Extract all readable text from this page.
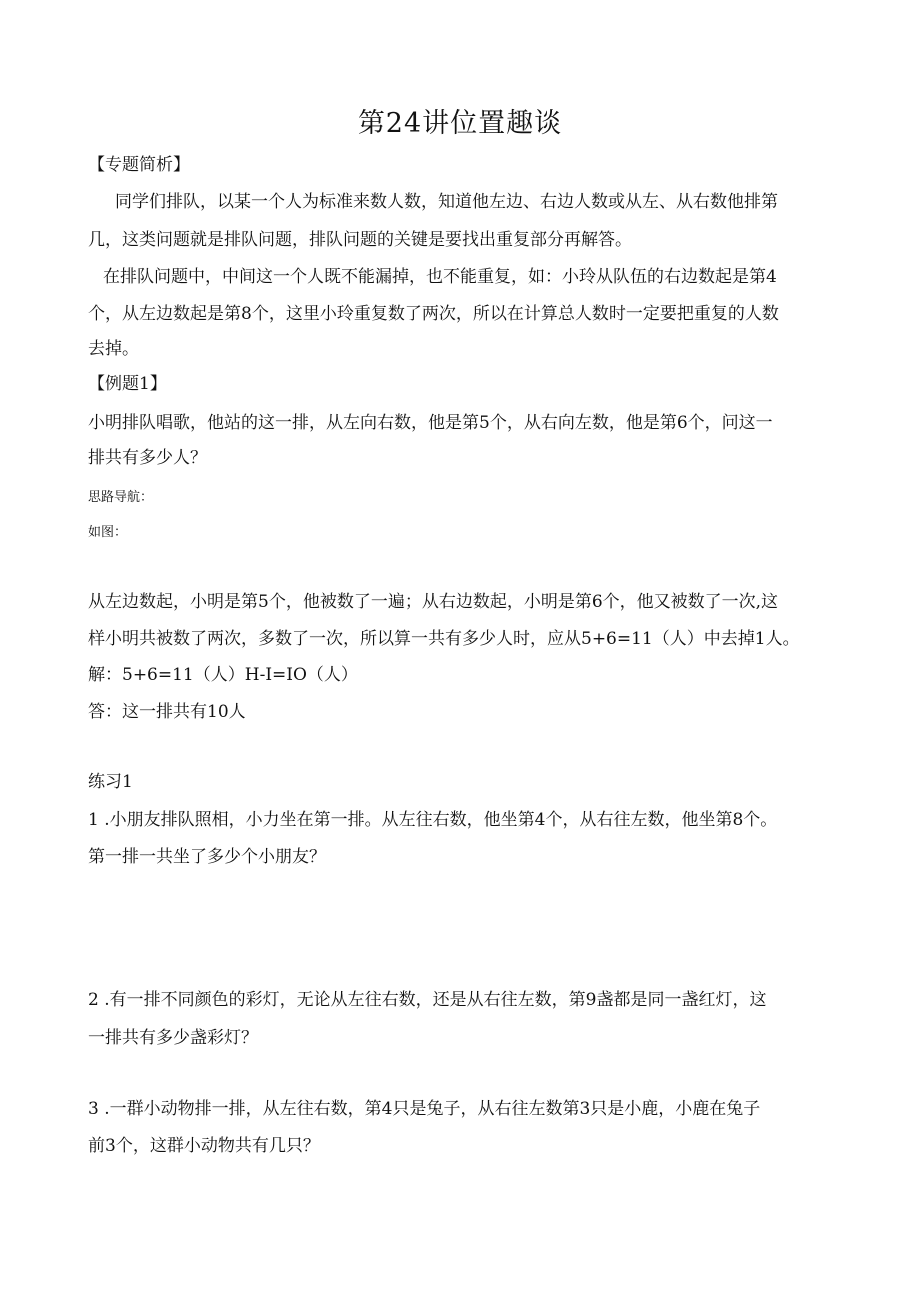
第24讲位置趣谈
【专题简析】
同学们排队，以某一个人为标准来数人数，知道他左边、右边人数或从左、从右数他排第
几，这类问题就是排队问题，排队问题的关键是要找出重复部分再解答。
在排队问题中，中间这一个人既不能漏掉，也不能重复，如：小玲从队伍的右边数起是第4
个，从左边数起是第8个，这里小玲重复数了两次，所以在计算总人数时一定要把重复的人数
去掉。
【例题1】
小明排队唱歌，他站的这一排，从左向右数，他是第5个，从右向左数，他是第6个，问这一
排共有多少人？
思路导航：
如图：
从左边数起，小明是第5个，他被数了一遍；从右边数起，小明是第6个，他又被数了一次,这
样小明共被数了两次，多数了一次，所以算一共有多少人时，应从5+6=11（人）中去掉1人。
解：5+6=11（人）H-I=IO（人）
答：这一排共有10人
练习1
1 .小朋友排队照相，小力坐在第一排。从左往右数，他坐第4个，从右往左数，他坐第8个。
第一排一共坐了多少个小朋友？
2 .有一排不同颜色的彩灯，无论从左往右数，还是从右往左数，第9盏都是同一盏红灯，这
一排共有多少盏彩灯？
3 .一群小动物排一排，从左往右数，第4只是兔子，从右往左数第3只是小鹿，小鹿在兔子
前3个，这群小动物共有几只？
